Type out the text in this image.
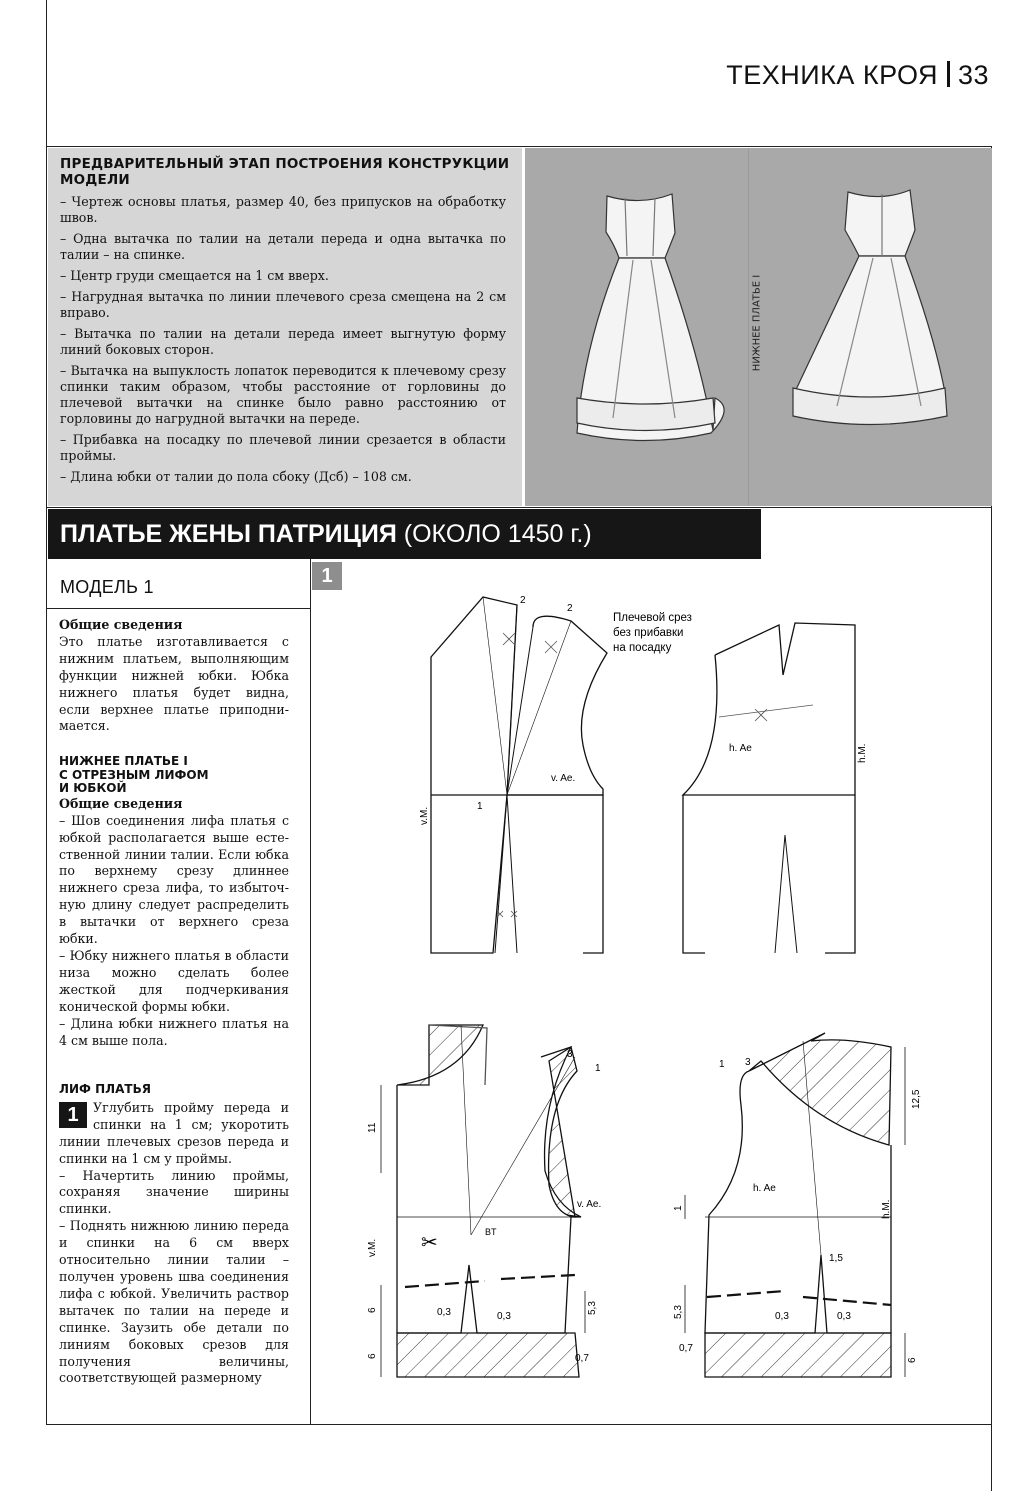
ТЕХНИКА КРОЯ 33
ПРЕДВАРИТЕЛЬНЫЙ ЭТАП ПОСТРОЕНИЯ КОНСТРУКЦИИ МОДЕЛИ
– Чертеж основы платья, размер 40, без припусков на обработку швов.
– Одна вытачка по талии на детали переда и одна вытачка по талии – на спинке.
– Центр груди смещается на 1 см вверх.
– Нагрудная вытачка по линии плечевого среза смещена на 2 см вправо.
– Вытачка по талии на детали переда имеет выгнутую форму линий боковых сторон.
– Вытачка на выпуклость лопаток переводится к плечевому срезу спинки таким образом, чтобы расстояние от горловины до плечевой вытачки на спинке было равно расстоянию от горловины до нагрудной вытачки на переде.
– Прибавка на посадку по плечевой линии срезается в области проймы.
– Длина юбки от талии до пола сбоку (Дсб) – 108 см.
НИЖНЕЕ ПЛАТЬЕ I
ПЛАТЬЕ ЖЕНЫ ПАТРИЦИЯ (ОКОЛО 1450 г.)
МОДЕЛЬ 1	1

Общие сведения

Это платье изготавливается с нижним платьем, выполняющим функции нижней юбки. Юбка нижнего платья будет видна, если верхнее платье приподнимается.

НИЖНЕЕ ПЛАТЬЕ I

С ОТРЕЗНЫМ ЛИФОМ

И ЮБКОЙ

Общие сведения

– Шов соединения лифа платья с юбкой располагается выше естественной линии талии. Если юбка по верхнему срезу длиннее нижнего среза лифа, то избыточную длину следует распределить в вытачки от верхнего среза юбки.

– Юбку нижнего платья в области низа можно сделать более жесткой для подчеркивания конической формы юбки.

– Длина юбки нижнего платья на 4 см выше пола.

ЛИФ ПЛАТЬЯ

1	Углубить пройму переда и спинки на 1 см; укоротить линии плечевых срезов переда и спинки на 1 см у проймы.

– Начертить линию проймы, сохраняя значение ширины спинки.

– Поднять нижнюю линию переда и спинки на 6 см вверх относительно линии талии – получен уровень шва соединения лифа с юбкой. Увеличить раствор вытачек по талии на переде и спинке. Заузить обе детали по линиям боковых срезов для получения величины, соответствующей размерному

2
2
v. Ae.
1
v.M.
Плечевой срез
без прибавки
на посадку
h. Ae	h.M.
v. Ae.
BT
11
v.M.
6
6
5,3
0,3	0,3
0,7
3
1
✂
1 3
12,5
h. Ae
h.M.
1
1,5
5,3	0,3	0,3
0,7
6
